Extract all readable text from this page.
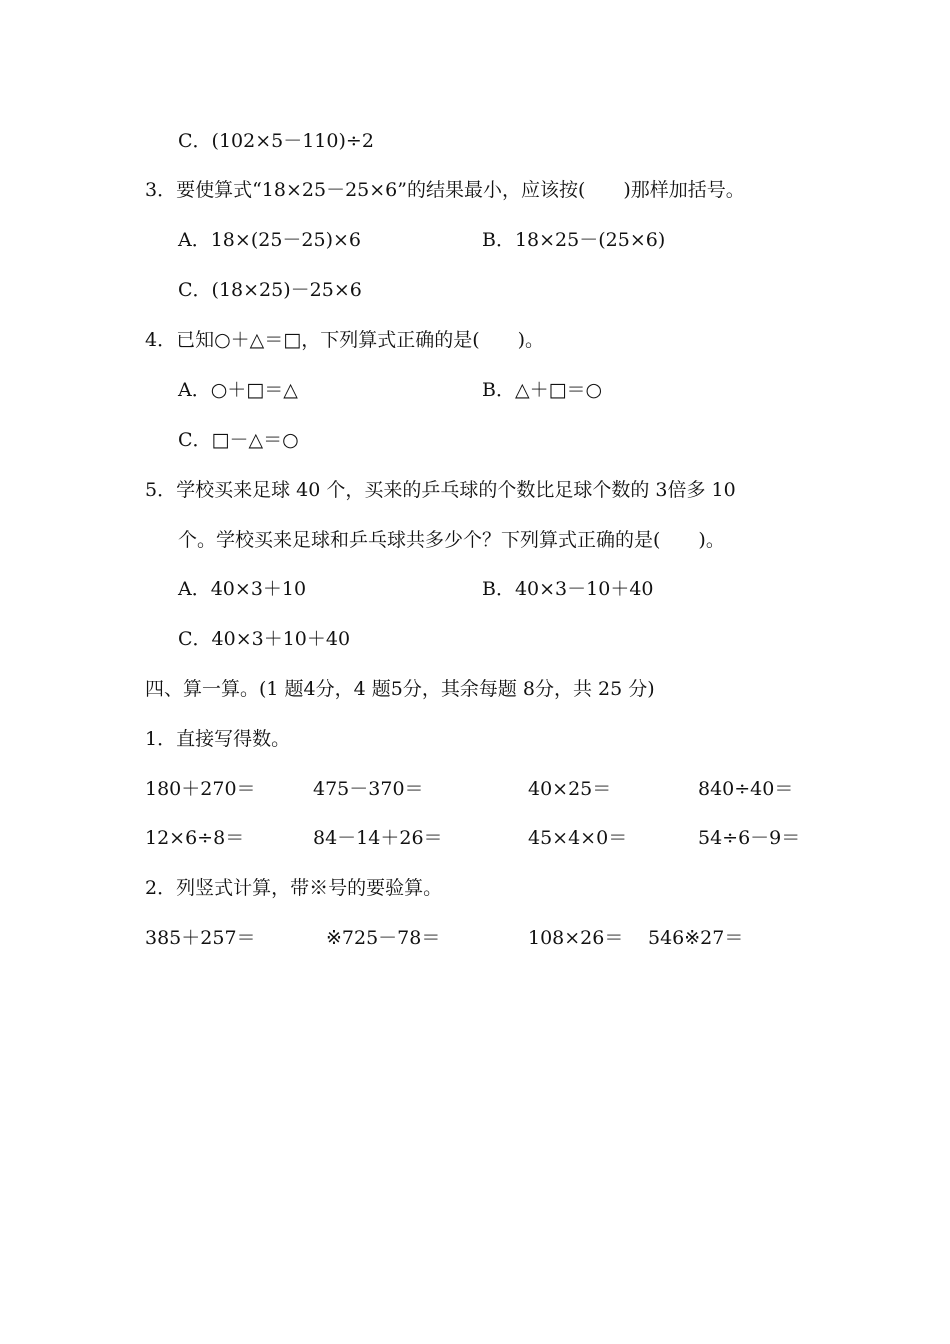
C．(102×5－110)÷2
3．要使算式“18×25－25×6”的结果最小，应该按(　　)那样加括号。
A．18×(25－25)×6	B．18×25－(25×6)
C．(18×25)－25×6
4．已知○＋△＝□，下列算式正确的是(　　)。
A．○＋□＝△	B．△＋□＝○
C．□－△＝○
5．学校买来足球 40 个，买来的乒乓球的个数比足球个数的 3倍多 10
个。学校买来足球和乒乓球共多少个？下列算式正确的是(　　)。
A．40×3＋10	B．40×3－10＋40
C．40×3＋10＋40
四、算一算。(1 题4分，4 题5分，其余每题 8分，共 25 分)
1．直接写得数。
180＋270＝	475－370＝	40×25＝	840÷40＝
12×6÷8＝	84－14＋26＝	45×4×0＝	54÷6－9＝
2．列竖式计算，带※号的要验算。
385＋257＝	※725－78＝	108×26＝ 546※27＝
